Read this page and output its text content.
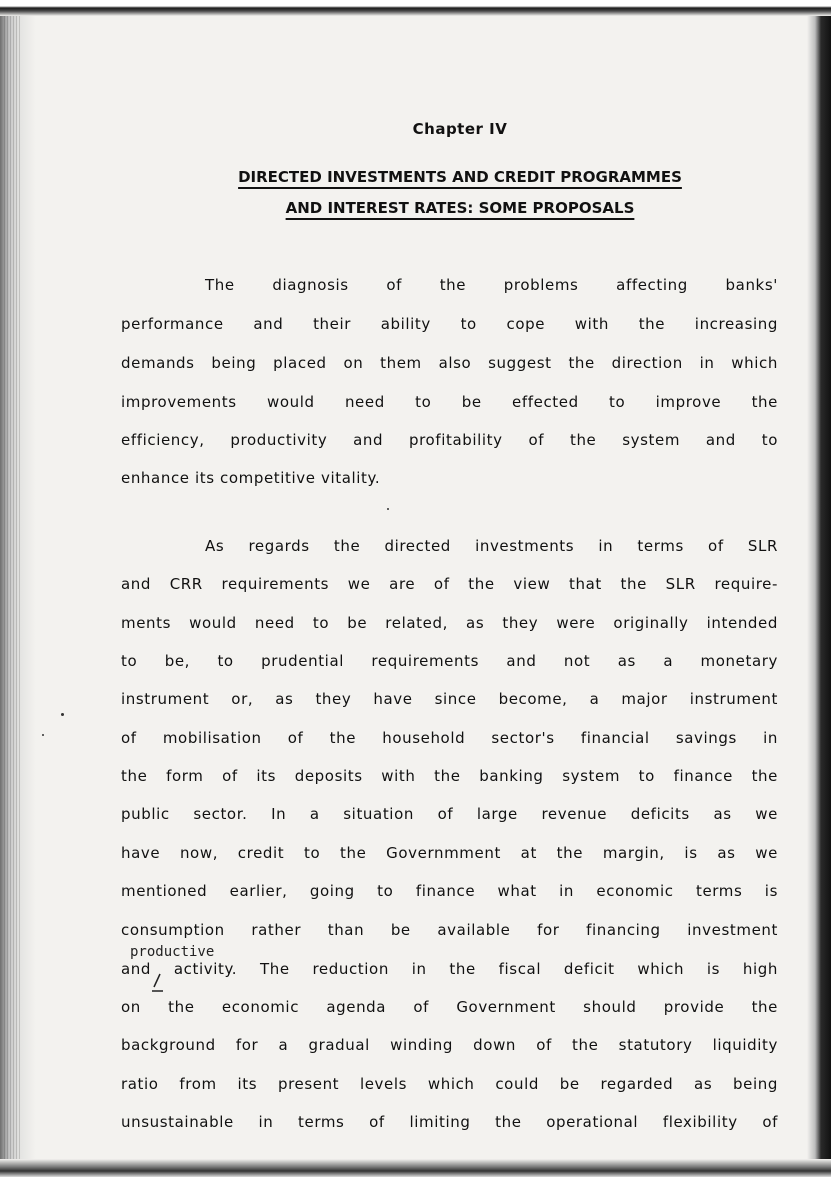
Chapter IV
DIRECTED INVESTMENTS AND CREDIT PROGRAMMES
AND INTEREST RATES: SOME PROPOSALS
The diagnosis of the problems affecting banks'
performance and their ability to cope with the increasing
demands being placed on them also suggest the direction in which
improvements would need to be effected to improve the
efficiency, productivity and profitability of the system and to
enhance its competitive vitality.
As regards the directed investments in terms of SLR
and CRR requirements we are of the view that the SLR require-
ments would need to be related, as they were originally intended
to be, to prudential requirements and not as a monetary
instrument or, as they have since become, a major instrument
of mobilisation of the household sector's financial savings in
the form of its deposits with the banking system to finance the
public sector. In a situation of large revenue deficits as we
have now, credit to the Governmment at the margin, is as we
mentioned earlier, going to finance what in economic terms is
consumption rather than be available for financing investment
and activity. The reduction in the fiscal deficit which is high
on the economic agenda of Government should provide the
background for a gradual winding down of the statutory liquidity
ratio from its present levels which could be regarded as being
unsustainable in terms of limiting the operational flexibility of
productive
